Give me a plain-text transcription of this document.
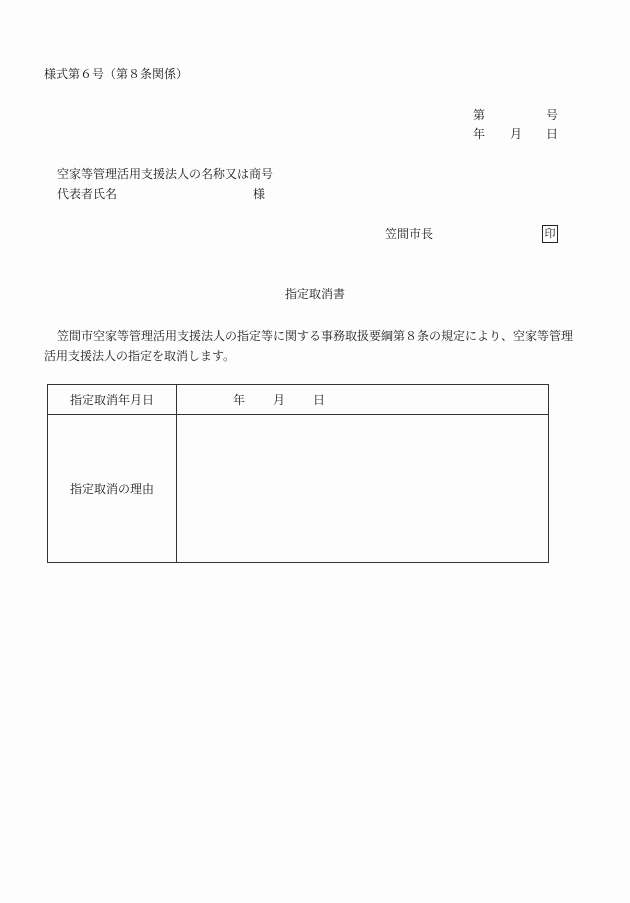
様式第６号（第８条関係）
第	号
年 月 日
空家等管理活用支援法人の名称又は商号
代表者氏名	様
笠間市長	印
指定取消書

笠間市空家等管理活用支援法人の指定等に関する事務取扱要綱第８条の規定により、空家等管理

活用支援法人の指定を取消します。

指定取消年月日	年 月 日
指定取消の理由	
